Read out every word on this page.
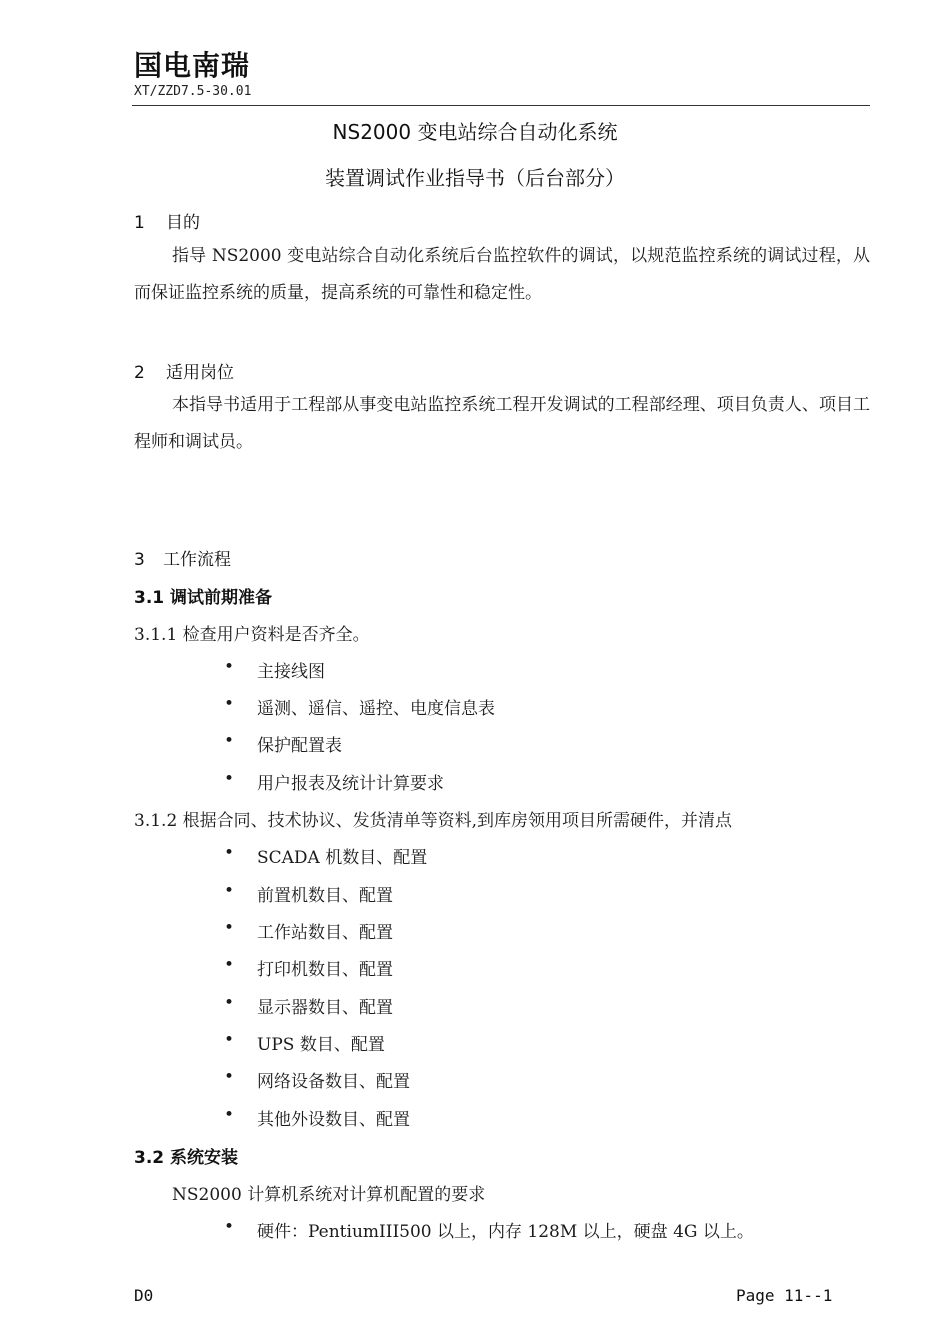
国电南瑞
XT/ZZD7.5-30.01
NS2000 变电站综合自动化系统
装置调试作业指导书（后台部分）
1 目的
指导 NS2000 变电站综合自动化系统后台监控软件的调试，以规范监控系统的调试过程，从而保证监控系统的质量，提高系统的可靠性和稳定性。
2 适用岗位
本指导书适用于工程部从事变电站监控系统工程开发调试的工程部经理、项目负责人、项目工程师和调试员。
3 工作流程
3.1 调试前期准备
3.1.1 检查用户资料是否齐全。
•	主接线图
•	遥测、遥信、遥控、电度信息表
•	保护配置表
•	用户报表及统计计算要求
3.1.2 根据合同、技术协议、发货清单等资料,到库房领用项目所需硬件，并清点
•	SCADA 机数目、配置
•	前置机数目、配置
•	工作站数目、配置
•	打印机数目、配置
•	显示器数目、配置
•	UPS 数目、配置
•	网络设备数目、配置
•	其他外设数目、配置
3.2 系统安装
NS2000 计算机系统对计算机配置的要求
•	硬件：PentiumIII500 以上，内存 128M 以上，硬盘 4G 以上。
D0	Page 11--1
